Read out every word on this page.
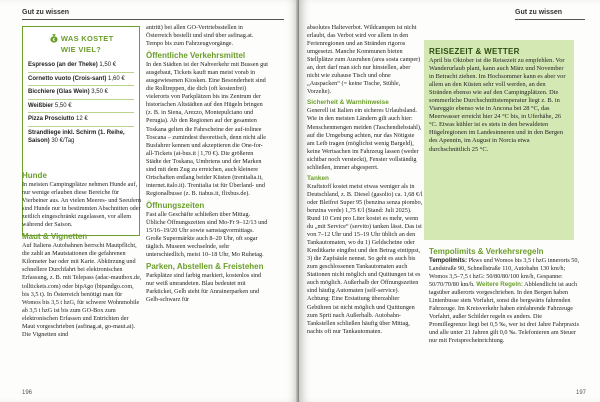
Gut zu wissen
€ WAS KOSTET
WIE VIEL?
Espresso (an der Theke) 1,50 €
Cornetto vuoto (Crois-sant) 1,60 €
Bicchiere (Glas Wein) 3,50 €
Weißbier 5,50 €
Pizza Prosciutto 12 €
Strandliege inkl. Schirm (1. Reihe, Saison) 30 €/Tag
Hunde

In meisten Campingplätze nehmen Hunde auf, nur wenige erlauben diese Bereiche für Vierbeiner aus. An vielen Meeres- und Seeufern sind Hunde nur in bestimmten Abschnitten oder zeitlich eingeschränkt zugelassen, vor allem während der Saison.

Maut & Vignetten

Auf Italiens Autobahnen herrscht Mautpflicht, die zahlt an Mautstationen die gefahrenen Kilometer bar oder mit Karte. Abkürzung und schnellere Durchfahrt bei elektronischen Erfassung, z. B. mit Telepass (adac-mautbox.de, tolltickets.com) oder bipAgo (bipandgo.com, bis 3,5 t). In Österreich benötigt man für Womos bis 3,5 t hzG, für schwere Wohnmobile ab 3,5 t hzG ist bis zum GO-Box zum elektronischen Erfassen und Entrichten der Maut vorgeschrieben (asfinag.at, go-maut.at). Die Vignetten sind

antritt) bei allen GO-Vertriebsstellen in Österreich bestellt und sind über asfinag.at. Tempo bis zum Fahrzeugvorgänge.

Öffentliche Verkehrsmittel

In den Städten ist der Nahverkehr mit Bussen gut ausgebaut, Tickets kauft man meist vorab in ausgewiesenen Kiosken. Eine Besonderheit sind die Rolltreppen, die dich (oft kostenfrei) vielerorts von Parkplätzen bis ins Zentrum der historischen Altstädten auf den Hügeln bringen (z. B. in Siena, Arezzo, Montepulciano und Perugia). Ab den Regionen auf der gesamten Toskana gelten die Fahrscheine der auf-tolinee Toscana – zumindest theoretisch, denn nicht alle Busfahrer kennen und akzeptieren die One-for-all-Tickets (at-bus.it | 1,70 €). Die größeren Städte der Toskana, Umbriens und der Marken sind mit dem Zug zu erreichen, auch kleinere Ortschaften entlang beider Küsten (trenitalia.it, internet.italo.it). Trenitalia ist für Überland- und Regionalbusse (z. B. itabus.it, flixbus.de).

Öffnungszeiten

Fast alle Geschäfte schließen über Mittag. Übliche Öffnungszeiten sind Mo-Fr 9–12/13 und 15/16–19/20 Uhr sowie samstagvormittags. Große Supermärkte auch 8–20 Uhr, oft sogar täglich. Museen wechselnde, sehr unterschiedlich, meist 10–18 Uhr, Mo Ruhetag.

Parken, Abstellen & Freistehen

Parkplätze sind farbig markiert, kostenlos sind nur weiß umrandeten. Blau bedeutet mit Parkticket, Gelb steht für Anrainerparken und Gelb-schwarz für

196
Gut zu wissen

absolutes Halteverbot. Wildcampen ist nicht erlaubt, das Verbot wird vor allem in den Ferienregionen und an Stränden rigoros umgesetzt. Manche Kommunen bieten Stellplätze zum Ausruhen (area sosta camper) an, dort darf man sich nur hinstellen, aber nicht wie zuhause Tisch und ohne „Auspacken“ (= keine Tische, Stühle, Vorzelte).

Sicherheit & Warnhinweise

Generell ist Italien ein sicheres Urlaubsland. Wie in den meisten Ländern gilt auch hier: Menschenmengen meiden (Taschendiebstahl), auf die Umgebung achten, nur das Nötigste am Leib tragen (möglichst wenig Bargeld), keine Wertsachen im Fahrzeug lassen (weder sichtbar noch versteckt), Fenster vollständig schließen, immer abgesperrt.

Tanken

Kraftstoff kostet meist etwas weniger als in Deutschland, z. B. Diesel (gasolio) ca. 1,68 €/l oder Bleifrei Super 95 (benzina senza piombo, benzina verde) 1,75 €/l (Stand: Juli 2025). Rund 10 Cent pro Liter kostet es mehr, wenn du „mit Service“ (servito) tanken lässt. Das ist von 7–12 Uhr und 15–19 Uhr üblich an den Tankautomaten, wo du 1) Geldscheine oder Kreditkarte eingibst und den Betrag eintippst, 3) die Zapfsäule nennst. So geht es auch bis zum geschlossenen Tankautomaten auch Stationen nicht möglich und Quittungen ist es auch möglich. Außerhalb der Öffnungszeiten sind häufig Automaten (self-service).

Achtung: Eine Erstattung überzahlter Gebühren ist nicht möglich und Quittungen zum Sprit nach Außerhalb. Autobahn-Tankstellen schließen häufig über Mittag, nachts oft nur Tankautomaten.

REISEZEIT & WETTER

April bis Oktober ist die Reisezeit zu empfehlen. Vor Wanderurlaub plant, kann auch März und November in Betracht ziehen. Im Hochsommer kann es aber vor allem an den Küsten sehr voll werden, an den Stränden ebenso wie auf den Campingplätzen. Die sommerliche Durchschnittstemperatur liegt z. B. in Viareggio ebenso wie in Ancona bei 28 °C, das Meerwasser erreicht hier 24 °C bis, in Uferhähe, 26 °C. Etwas kühler ist es stets in den bewaldeten Hügelregionen im Landesinneren und in den Bergen des Apennin, im August in Norcia etwa durchschnittlich 25 °C.

Tempolimits & Verkehrsregeln

Tempolimits: Pkws und Womos bis 3,5 t hzG innerorts 50, Landstraße 90, Schnellstraße 110, Autobahn 130 km/h; Womos 3,5–7,5 t hzG: 50/80/80/100 km/h, Gespanne: 50/70/70/80 km/h. Weitere Regeln: Abblendlicht ist auch tagsüber außerorts vorgeschrieben. In den Bergen haben Linienbusse stets Vorfahrt, sonst die bergwärts fahrenden Fahrzeuge. Im Kreisverkehr haben einfahrende Fahrzeuge Vorfahrt, außer Schilder regeln es anders. Die Promillegrenze liegt bei 0,5 ‰, wer ist drei Jahre Fahrpraxis und alle unter 21 Jahren gilt 0,0 ‰. Telefonieren am Steuer nur mit Freisprecheinrichtung.

197
